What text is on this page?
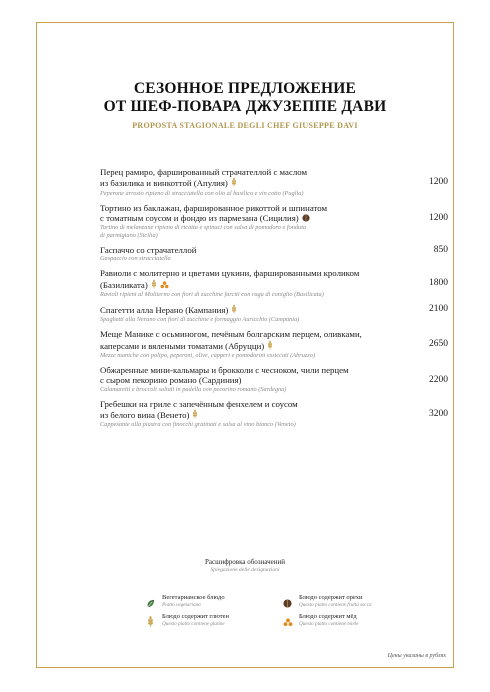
СЕЗОННОЕ ПРЕДЛОЖЕНИЕ
ОТ ШЕФ-ПОВАРА ДЖУЗЕППЕ ДАВИ
PROPOSTA STAGIONALE DEGLI CHEF GIUSEPPE DAVI
Перец рамиро, фаршированный страчателлой с маслом
из базилика и винкоттой (Апулия)
Peperone arrosto ripieno di stracciatella con olio al basilico e vin cotto (Puglia)
1200
Тортино из баклажан, фаршированное рикоттой и шпинатом
с томатным соусом и фондю из пармезана (Сицилия)
Tortino di melanzane ripieno di ricotta e spinaci con salsa di pomodoro e fonduta
di parmigiano (Sicilia)
1200
Гаспаччо со страчателлой
Gaspaccio con stracciatella
850
Равиоли с молитерно и цветами цукини, фаршированными кроликом
(Базиликата)
Ravioli ripieni al Moliterno con fiori di zucchine farciti con ragu di coniglio (Basilicata)
1800
Спагетти алла Нерано (Кампания)
Spaghetti alla Nerano con fiori di zucchine e formaggio Auricchio (Campania)
2100
Меще Манике с осьминогом, печёным болгарским перцем, оливками,
каперсами и вялеными томатами (Абруцци)
Mezze maniche con polipo, peperoni, olive, capperi e pomodorini essiccati (Abruzzo)
2650
Обжаренные мини-кальмары и брокколи с чесноком, чили перцем
с сыром пекорино романо (Сардиния)
Calamaretti e broccoli saltati in padella con pecorino romano (Sardegna)
2200
Гребешки на гриле с запечённым фенхелем и соусом
из белого вина (Венето)
Cappesante alla piastra con finocchi gratinati e salsa al vino bianco (Veneto)
3200
Расшифровка обозначений
Spiegazione delle designazioni
Вегетарианское блюдо
Piatto vegetariano
Блюдо содержит орехи
Questo piatto contiene frutta secca
Блюдо содержит глютен
Questo piatto contiene glutine
Блюдо содержит мёд
Questo piatto contiene miele
Цены указаны в рублях
